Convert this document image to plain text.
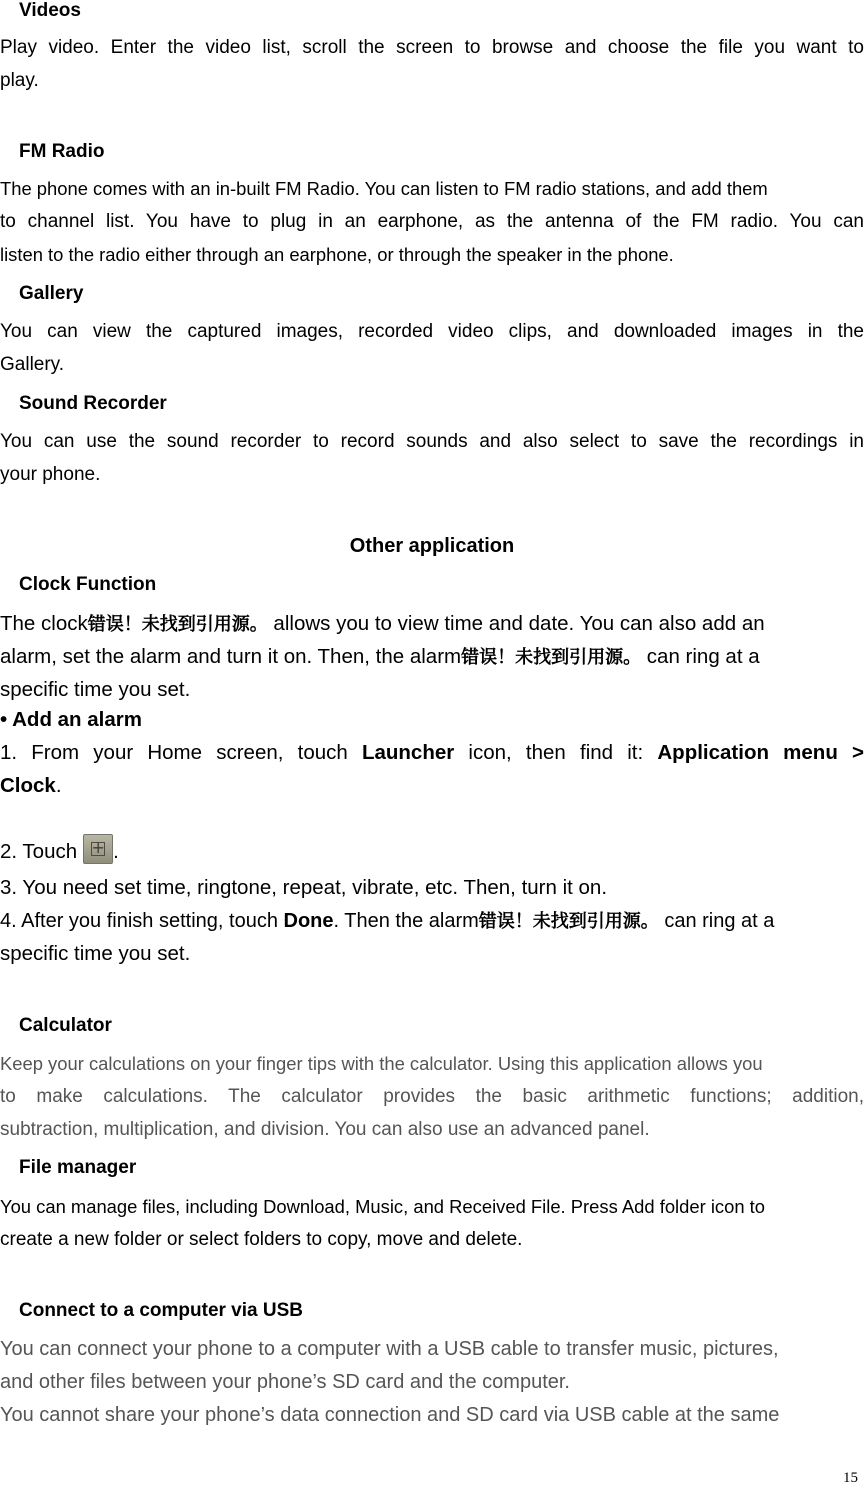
Videos
Play video. Enter the video list, scroll the screen to browse and choose the file you want to
play.
FM Radio
The phone comes with an in-built FM Radio. You can listen to FM radio stations, and add them
to channel list. You have to plug in an earphone, as the antenna of the FM radio. You can
listen to the radio either through an earphone, or through the speaker in the phone.
Gallery
You can view the captured images, recorded video clips, and downloaded images in the
Gallery.
Sound Recorder
You can use the sound recorder to record sounds and also select to save the recordings in
your phone.
Other application
Clock Function
The clock错误！未找到引用源。 allows you to view time and date. You can also add an
alarm, set the alarm and turn it on. Then, the alarm错误！未找到引用源。 can ring at a
specific time you set.
• Add an alarm
1. From your Home screen, touch Launcher icon, then find it: Application menu >
Clock.
2. Touch+ .
3. You need set time, ringtone, repeat, vibrate, etc. Then, turn it on.
4. After you finish setting, touch Done. Then the alarm错误！未找到引用源。 can ring at a
specific time you set.
Calculator
Keep your calculations on your finger tips with the calculator. Using this application allows you
to make calculations. The calculator provides the basic arithmetic functions; addition,
subtraction, multiplication, and division. You can also use an advanced panel.
File manager
You can manage files, including Download, Music, and Received File. Press Add folder icon to
create a new folder or select folders to copy, move and delete.
Connect to a computer via USB
You can connect your phone to a computer with a USB cable to transfer music, pictures,
and other files between your phone’s SD card and the computer.
You cannot share your phone’s data connection and SD card via USB cable at the same
15
